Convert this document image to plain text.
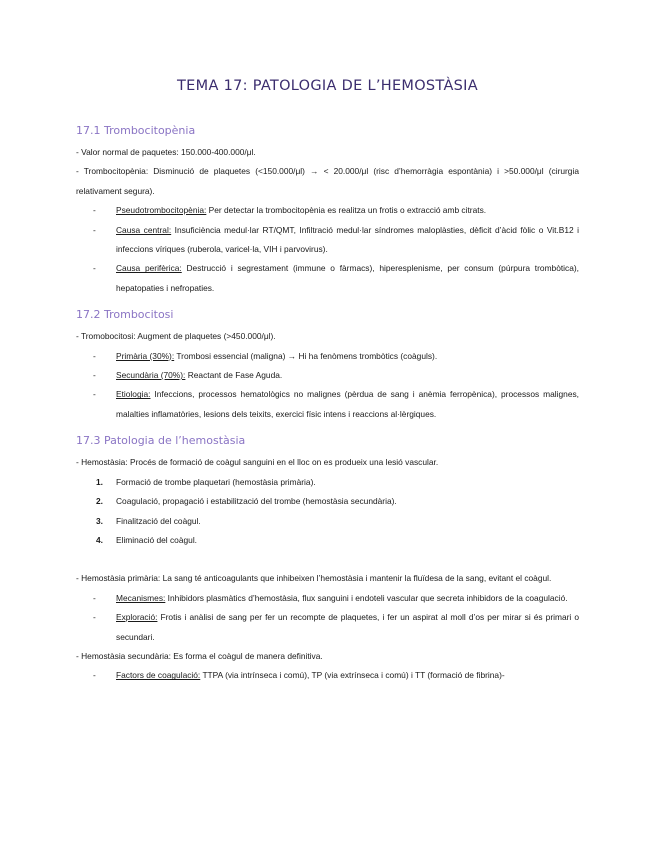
TEMA 17: PATOLOGIA DE L’HEMOSTÀSIA
17.1 Trombocitopènia

- Valor normal de paquetes: 150.000-400.000/μl.

- Trombocitopènia: Disminució de plaquetes (<150.000/μl) → < 20.000/μl (risc d’hemorràgia espontània) i >50.000/μl (cirurgia relativament segura).

- Pseudotrombocitopènia: Per detectar la trombocitopènia es realitza un frotis o extracció amb citrats.
- Causa central: Insuficiència medul·lar RT/QMT, Infiltració medul·lar síndromes maloplàsties, dèficit d’àcid fòlic o Vit.B12 i infeccions víriques (ruberola, varicel·la, VIH i parvovirus).
- Causa perifèrica: Destrucció i segrestament (immune o fàrmacs), hiperesplenisme, per consum (púrpura trombòtica), hepatopaties i nefropaties.
17.2 Trombocitosi

- Tromobocitosi: Augment de plaquetes (>450.000/μl).

- Primària (30%): Trombosi essencial (maligna) → Hi ha fenòmens trombòtics (coàguls).
- Secundària (70%): Reactant de Fase Aguda.
- Etiologia: Infeccions, processos hematològics no malignes (pèrdua de sang i anèmia ferropènica), processos malignes, malalties inflamatòries, lesions dels teixits, exercici físic intens i reaccions al·lèrgiques.
17.3 Patologia de l’hemostàsia

- Hemostàsia: Procés de formació de coàgul sanguini en el lloc on es produeix una lesió vascular.

1. Formació de trombe plaquetari (hemostàsia primària).
2. Coagulació, propagació i estabilització del trombe (hemostàsia secundària).
3. Finalització del coàgul.
4. Eliminació del coàgul.

- Hemostàsia primària: La sang té anticoagulants que inhibeixen l’hemostàsia i mantenir la fluïdesa de la sang, evitant el coàgul.

- Mecanismes: Inhibidors plasmàtics d’hemostàsia, flux sanguini i endoteli vascular que secreta inhibidors de la coagulació.
- Exploració: Frotis i anàlisi de sang per fer un recompte de plaquetes, i fer un aspirat al moll d’os per mirar si és primari o secundari.

- Hemostàsia secundària: Es forma el coàgul de manera definitiva.

- Factors de coagulació: TTPA (via intrínseca i comú), TP (via extrínseca i comú) i TT (formació de fibrina)-
